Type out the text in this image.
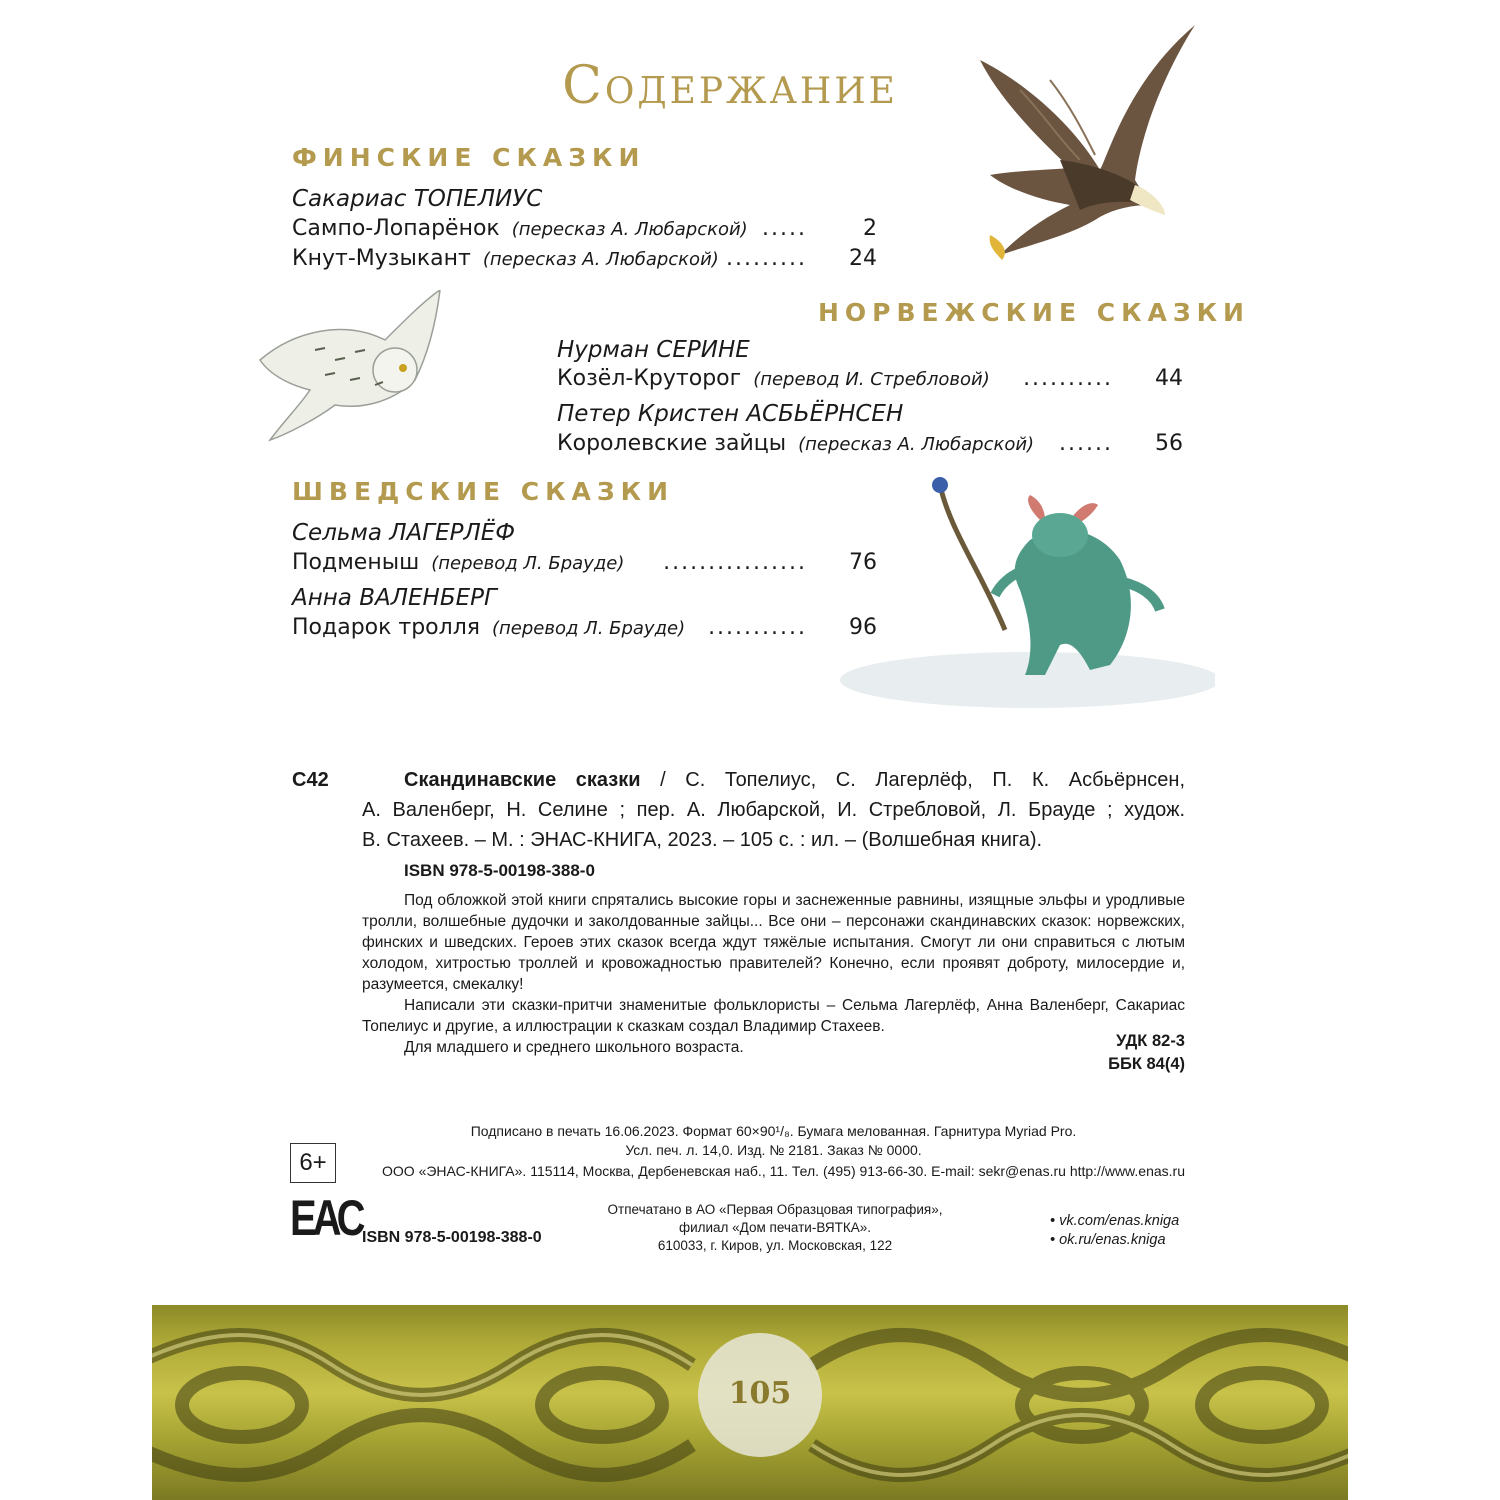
Содержание
ФИНСКИЕ СКАЗКИ
Сакариас ТОПЕЛИУС
Сампо-Лопарёнок (пересказ А. Любарской) .....	2
Кнут-Музыкант (пересказ А. Любарской) .........	24
НОРВЕЖСКИЕ СКАЗКИ
Нурман СЕРИНЕ
Козёл-Круторог (перевод И. Стребловой)	..........	44
Петер Кристен АСБЬЁРНСЕН
Королевские зайцы (пересказ А. Любарской)	......	56
ШВЕДСКИЕ СКАЗКИ
Сельма ЛАГЕРЛЁФ
Подменыш (перевод Л. Брауде)	................	76
Анна ВАЛЕНБЕРГ
Подарок тролля (перевод Л. Брауде)	...........	96
С42	Скандинавские сказки / С. Топелиус, С. Лагерлёф, П. К. Асбьёрнсен,
А. Валенберг, Н. Селине ; пер. А. Любарской, И. Стребловой, Л. Брауде ; худож.
В. Стахеев. – М. : ЭНАС-КНИГА, 2023. – 105 с. : ил. – (Волшебная книга).
ISBN 978-5-00198-388-0
Под обложкой этой книги спрятались высокие горы и заснеженные равнины, изящные эльфы и уродливые тролли, волшебные дудочки и заколдованные зайцы... Все они – персонажи скандинавских сказок: норвежских, финских и шведских. Героев этих сказок всегда ждут тяжёлые испытания. Смогут ли они справиться с лютым холодом, хитростью троллей и кровожадностью правителей? Конечно, если проявят доброту, милосердие и, разумеется, смекалку!
Написали эти сказки-притчи знаменитые фольклористы – Сельма Лагерлёф, Анна Валенберг, Сакариас Топелиус и другие, а иллюстрации к сказкам создал Владимир Стахеев.
Для младшего и среднего школьного возраста.	УДК 82-3
ББК 84(4)
Подписано в печать 16.06.2023. Формат 60×90¹/₈. Бумага мелованная. Гарнитура Myriad Pro.
Усл. печ. л. 14,0. Изд. № 2181. Заказ № 0000.
ООО «ЭНАС-КНИГА». 115114, Москва, Дербеневская наб., 11. Тел. (495) 913-66-30. E-mail: sekr@enas.ru http://www.enas.ru
6+
ЕАС ISBN 978-5-00198-388-0
Отпечатано в АО «Первая Образцовая типография»,
филиал «Дом печати-ВЯТКА».
610033, г. Киров, ул. Московская, 122
• vk.com/enas.kniga
• ok.ru/enas.kniga
105
